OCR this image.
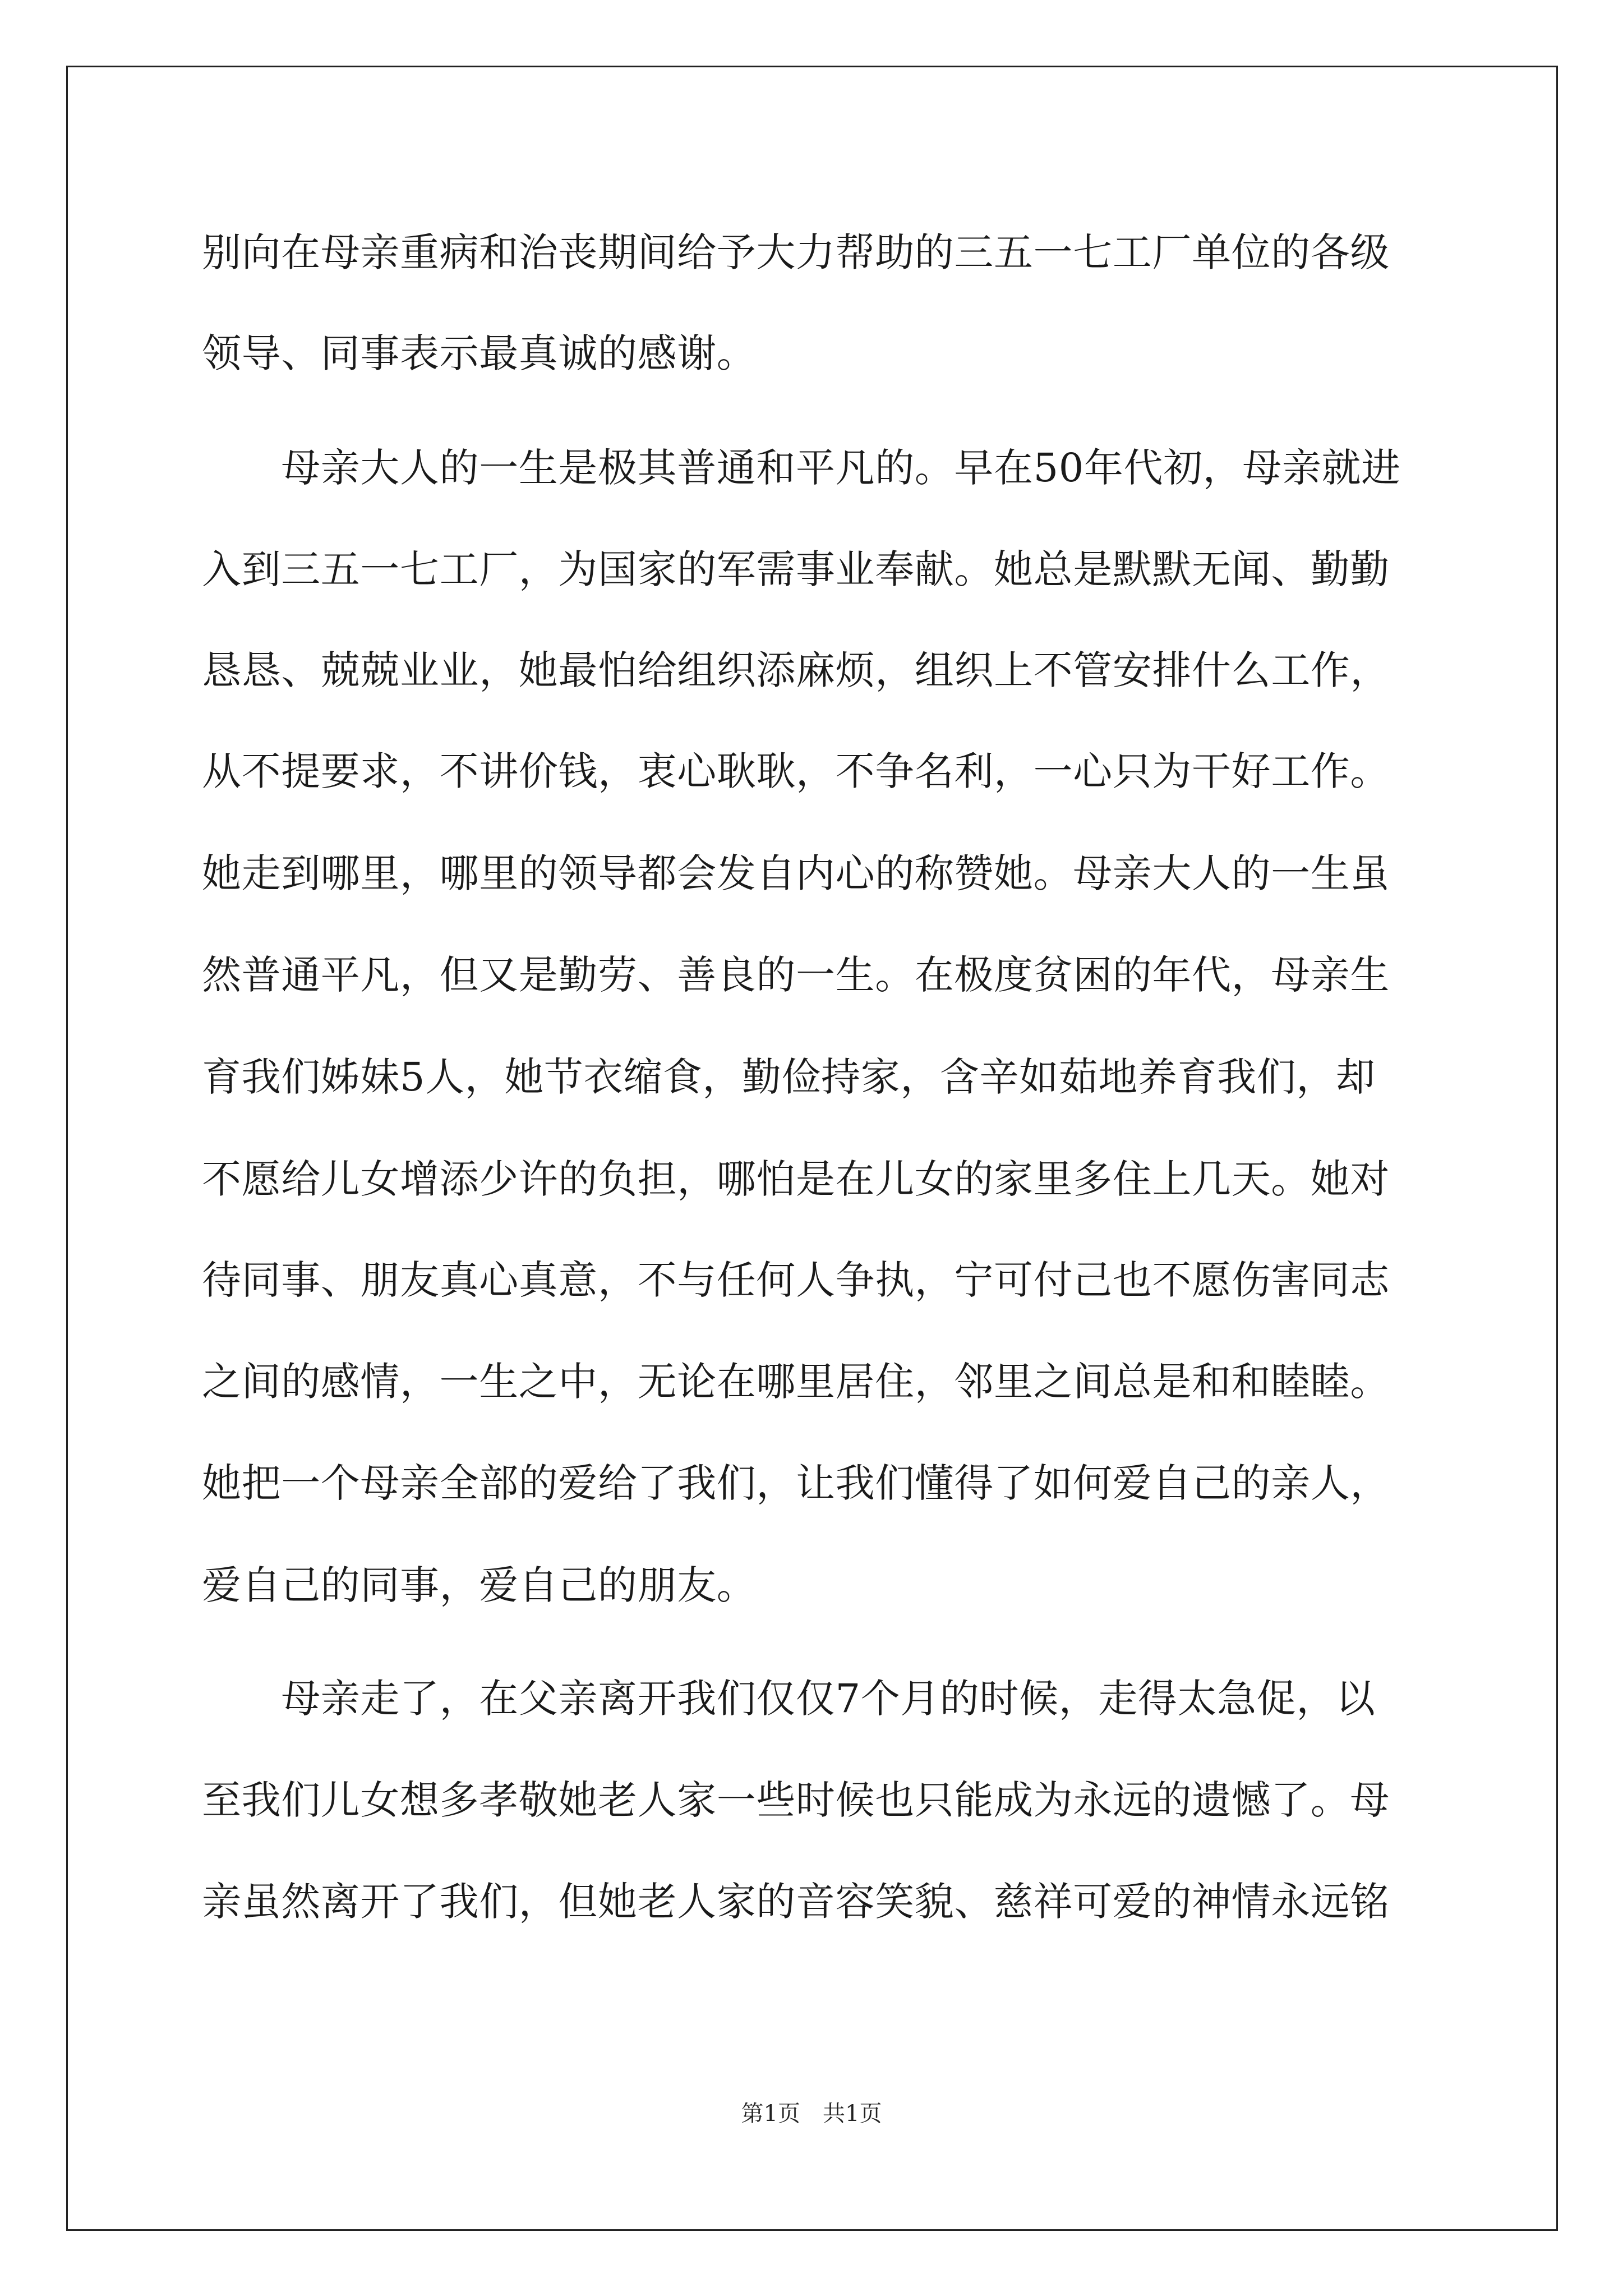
别向在母亲重病和治丧期间给予大力帮助的三五一七工厂单位的各级
领导、同事表示最真诚的感谢。
　　母亲大人的一生是极其普通和平凡的。早在50年代初，母亲就进
入到三五一七工厂，为国家的军需事业奉献。她总是默默无闻、勤勤
恳恳、兢兢业业，她最怕给组织添麻烦，组织上不管安排什么工作，
从不提要求，不讲价钱，衷心耿耿，不争名利，一心只为干好工作。
她走到哪里，哪里的领导都会发自内心的称赞她。母亲大人的一生虽
然普通平凡，但又是勤劳、善良的一生。在极度贫困的年代，母亲生
育我们姊妹5人，她节衣缩食，勤俭持家，含辛如茹地养育我们，却
不愿给儿女增添少许的负担，哪怕是在儿女的家里多住上几天。她对
待同事、朋友真心真意，不与任何人争执，宁可付己也不愿伤害同志
之间的感情，一生之中，无论在哪里居住，邻里之间总是和和睦睦。
她把一个母亲全部的爱给了我们，让我们懂得了如何爱自己的亲人，
爱自己的同事，爱自己的朋友。
　　母亲走了，在父亲离开我们仅仅7个月的时候，走得太急促，以
至我们儿女想多孝敬她老人家一些时候也只能成为永远的遗憾了。母
亲虽然离开了我们，但她老人家的音容笑貌、慈祥可爱的神情永远铭
第1页　共1页
